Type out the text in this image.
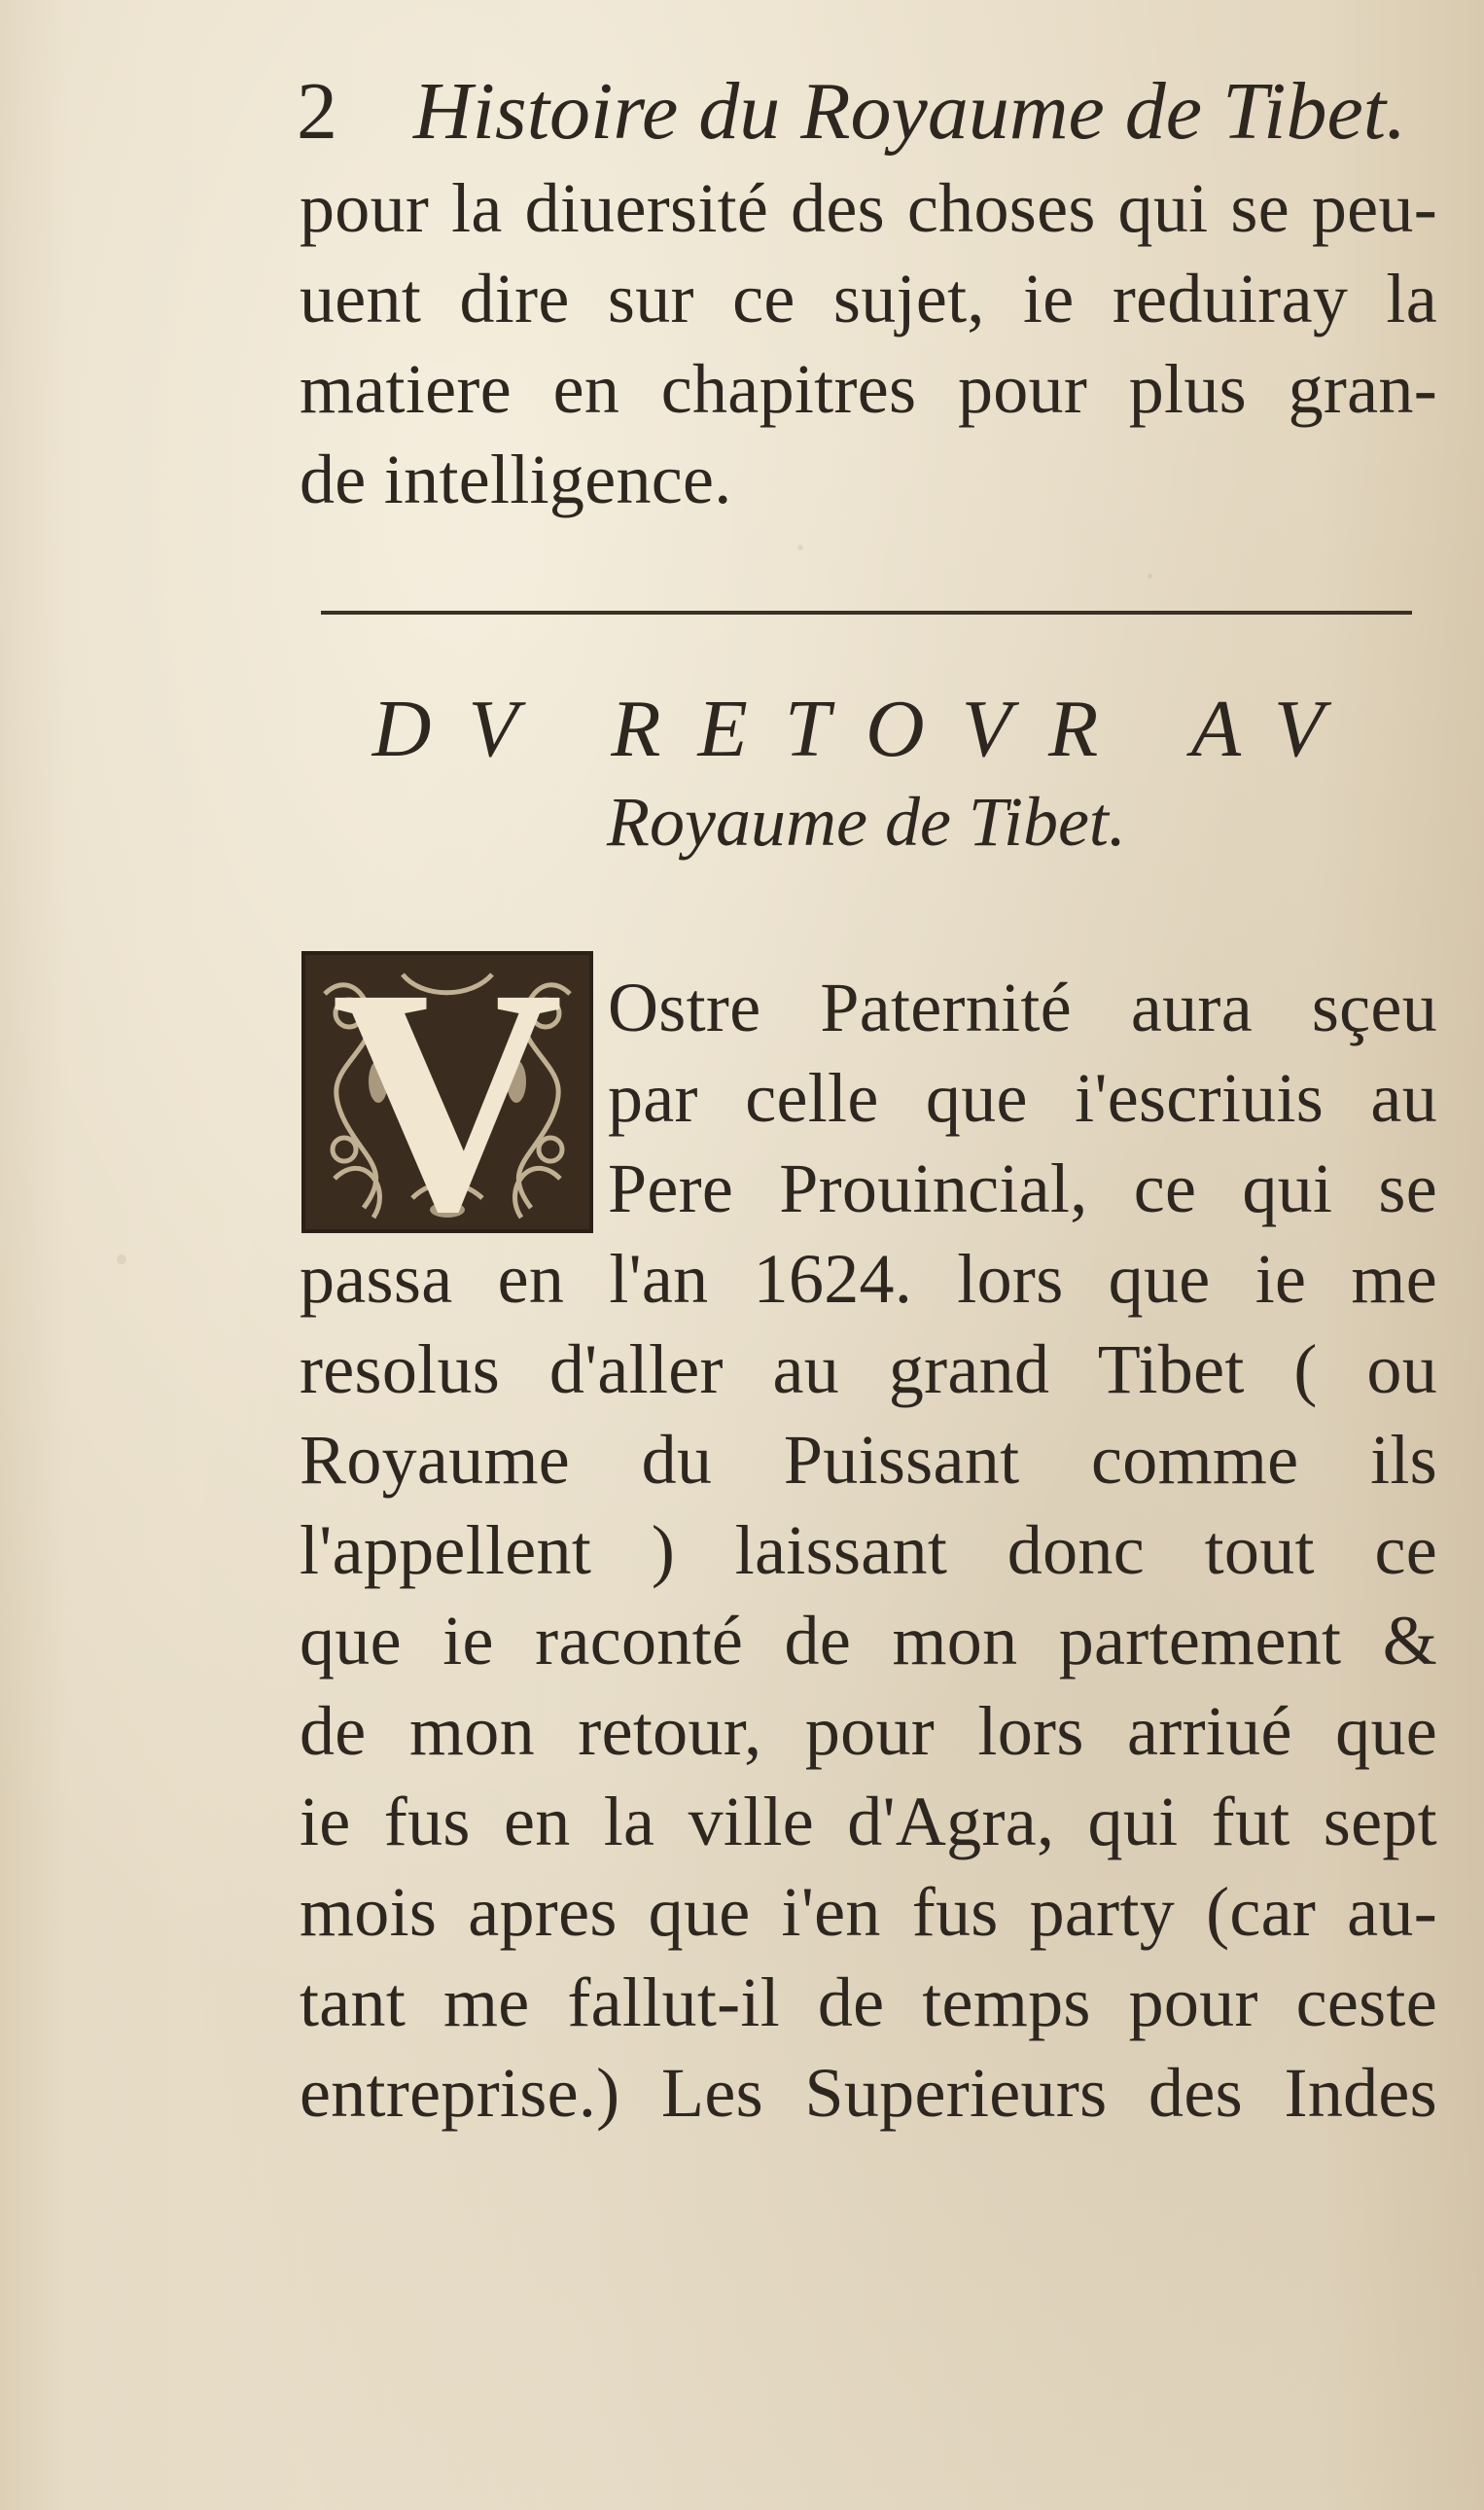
2 Histoire du Royaume de Tibet.
pour la diuersité des choses qui se peu-
uent dire sur ce sujet, ie reduiray la
matiere en chapitres pour plus gran-
de intelligence.
DV RETOVR AV
Royaume de Tibet.
V Ostre Paternité aura sçeu
par celle que i'escriuis au
Pere Prouincial, ce qui se
passa en l'an 1624. lors que ie me
resolus d'aller au grand Tibet ( ou
Royaume du Puissant comme ils
l'appellent ) laissant donc tout ce
que ie raconté de mon partement &
de mon retour, pour lors arriué que
ie fus en la ville d'Agra, qui fut sept
mois apres que i'en fus party (car au-
tant me fallut-il de temps pour ceste
entreprise.) Les Superieurs des Indes
